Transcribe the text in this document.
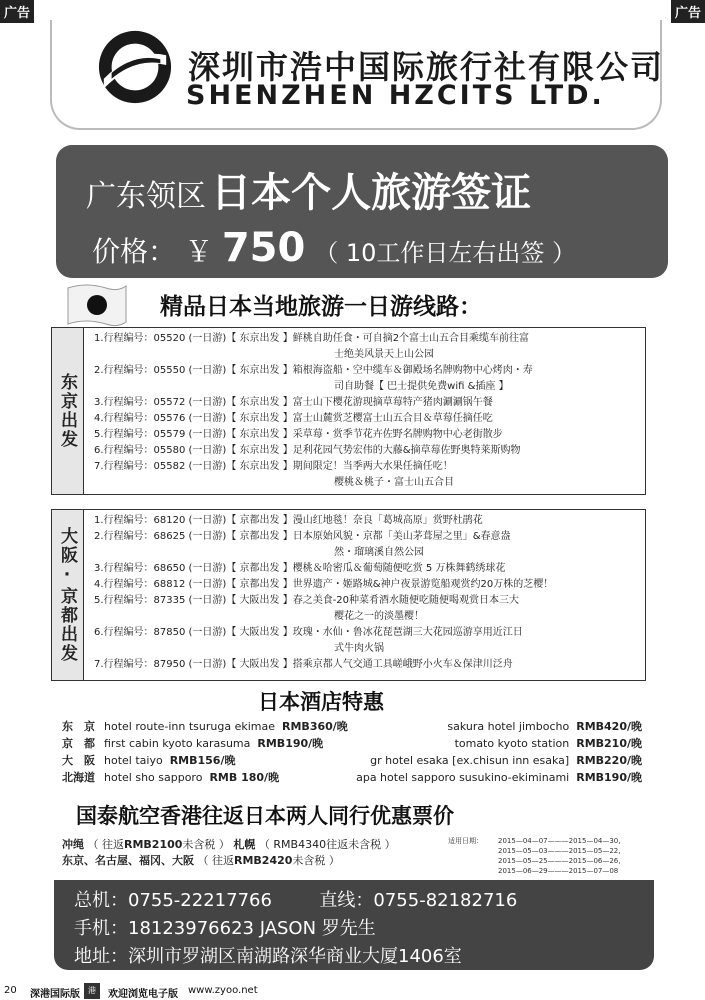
广告	广告
深圳市浩中国际旅行社有限公司
SHENZHEN HZCITS LTD.
广东领区 日本个人旅游签证
价格： ￥ 750 （ 10工作日左右出签 ）
精品日本当地旅游一日游线路：
东京出发
1.行程编号：05520 (一日游)【 东京出发 】鲜桃自助任食・可自摘2个富士山五合目乘缆车前往富
士绝美风景天上山公园
2.行程编号：05550 (一日游)【 东京出发 】箱根海盗船・空中缆车＆御殿场名牌购物中心烤肉・寿
司自助餐【 巴士提供免费wifi &插座 】
3.行程编号：05572 (一日游)【 东京出发 】富士山下樱花游现摘草莓特产猪肉涮涮锅午餐
4.行程编号：05576 (一日游)【 东京出发 】富士山麓赏芝樱富士山五合目＆草莓任摘任吃
5.行程编号：05579 (一日游)【 东京出发 】采草莓・赏季节花卉佐野名牌购物中心老街散步
6.行程编号：05580 (一日游)【 东京出发 】足利花园气势宏伟的大藤&摘草莓佐野奥特莱斯购物
7.行程编号：05582 (一日游)【 东京出发 】期间限定！当季两大水果任摘任吃！
樱桃＆桃子・富士山五合目
大阪·京都出发
1.行程编号：68120 (一日游)【 京都出发 】漫山红地毯！奈良「葛城高原」赏野杜鹃花
2.行程编号：68625 (一日游)【 京都出发 】日本原始风貌・京都「美山茅葺屋之里」&春意盎
然・瑠璃溪自然公园
3.行程编号：68650 (一日游)【 京都出发 】樱桃＆哈密瓜＆葡萄随便吃赏 5 万株舞鹤绣球花
4.行程编号：68812 (一日游)【 京都出发 】世界遗产・姬路城&神户夜景游览船观赏约20万株的芝樱！
5.行程编号：87335 (一日游)【 大阪出发 】春之美食-20种菜肴酒水随便吃随便喝观赏日本三大
樱花之一的淡墨樱！
6.行程编号：87850 (一日游)【 大阪出发 】玫瑰・水仙・鲁冰花琵琶湖三大花园巡游享用近江日
式牛肉火锅
7.行程编号：87950 (一日游)【 大阪出发 】搭乘京都人气交通工具嵯峨野小火车＆保津川泛舟
日本酒店特惠
东　京 hotel route-inn tsuruga ekimae RMB360/晚	sakura hotel jimbocho RMB420/晚
京　都 first cabin kyoto karasuma RMB190/晚	tomato kyoto station RMB210/晚
大　阪 hotel taiyo RMB156/晚	gr hotel esaka [ex.chisun inn esaka] RMB220/晚
北海道 hotel sho sapporo RMB 180/晚	apa hotel sapporo susukino-ekiminami RMB190/晚
国泰航空香港往返日本两人同行优惠票价
冲绳 （ 往返RMB2100未含税 ） 札幌 （ RMB4340往返未含税 ）
东京、名古屋、福冈、大阪 （ 往返RMB2420未含税 ）
适用日期：	2015—04—07———2015—04—30,
2015—05—03———2015—05—22,
2015—05—25———2015—06—26,
2015—06—29———2015—07—08
总机：0755-22217766	直线：0755-82182716
手机：18123976623 JASON 罗先生
地址：深圳市罗湖区南湖路深华商业大厦1406室
20 深港国际版	港	欢迎浏览电子版 www.zyoo.net
